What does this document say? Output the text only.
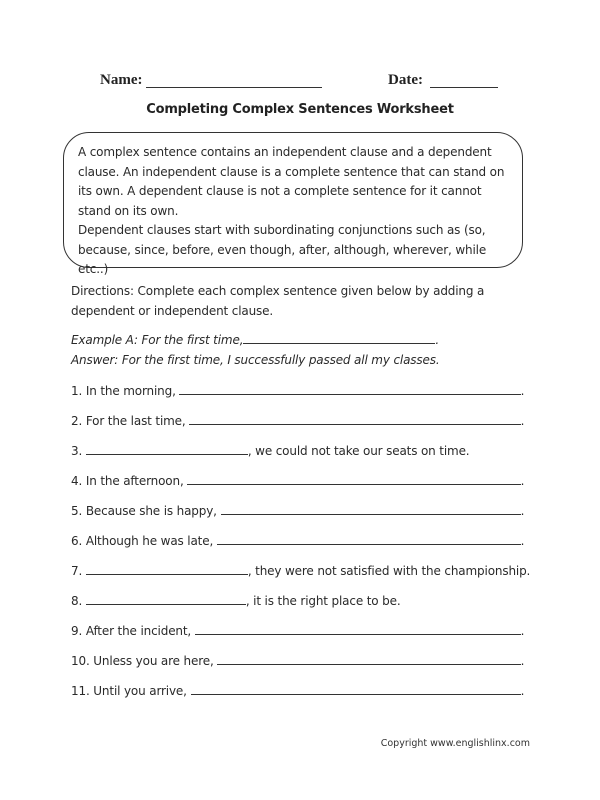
Name:	Date:
Completing Complex Sentences Worksheet

A complex sentence contains an independent clause and a dependent clause. An independent clause is a complete sentence that can stand on its own. A dependent clause is not a complete sentence for it cannot stand on its own.

Dependent clauses start with subordinating conjunctions such as (so, because, since, before, even though, after, although, wherever, while etc..)

Directions: Complete each complex sentence given below by adding a dependent or independent clause.
Example A: For the first time,	.
Answer: For the first time, I successfully passed all my classes.
1. In the morning,	.
2. For the last time,	.
3.	, we could not take our seats on time.
4. In the afternoon,	.
5. Because she is happy,	.
6. Although he was late,	.
7.	, they were not satisfied with the championship.
8.	, it is the right place to be.
9. After the incident,	.
10. Unless you are here,	.
11. Until you arrive,	.
Copyright www.englishlinx.com
